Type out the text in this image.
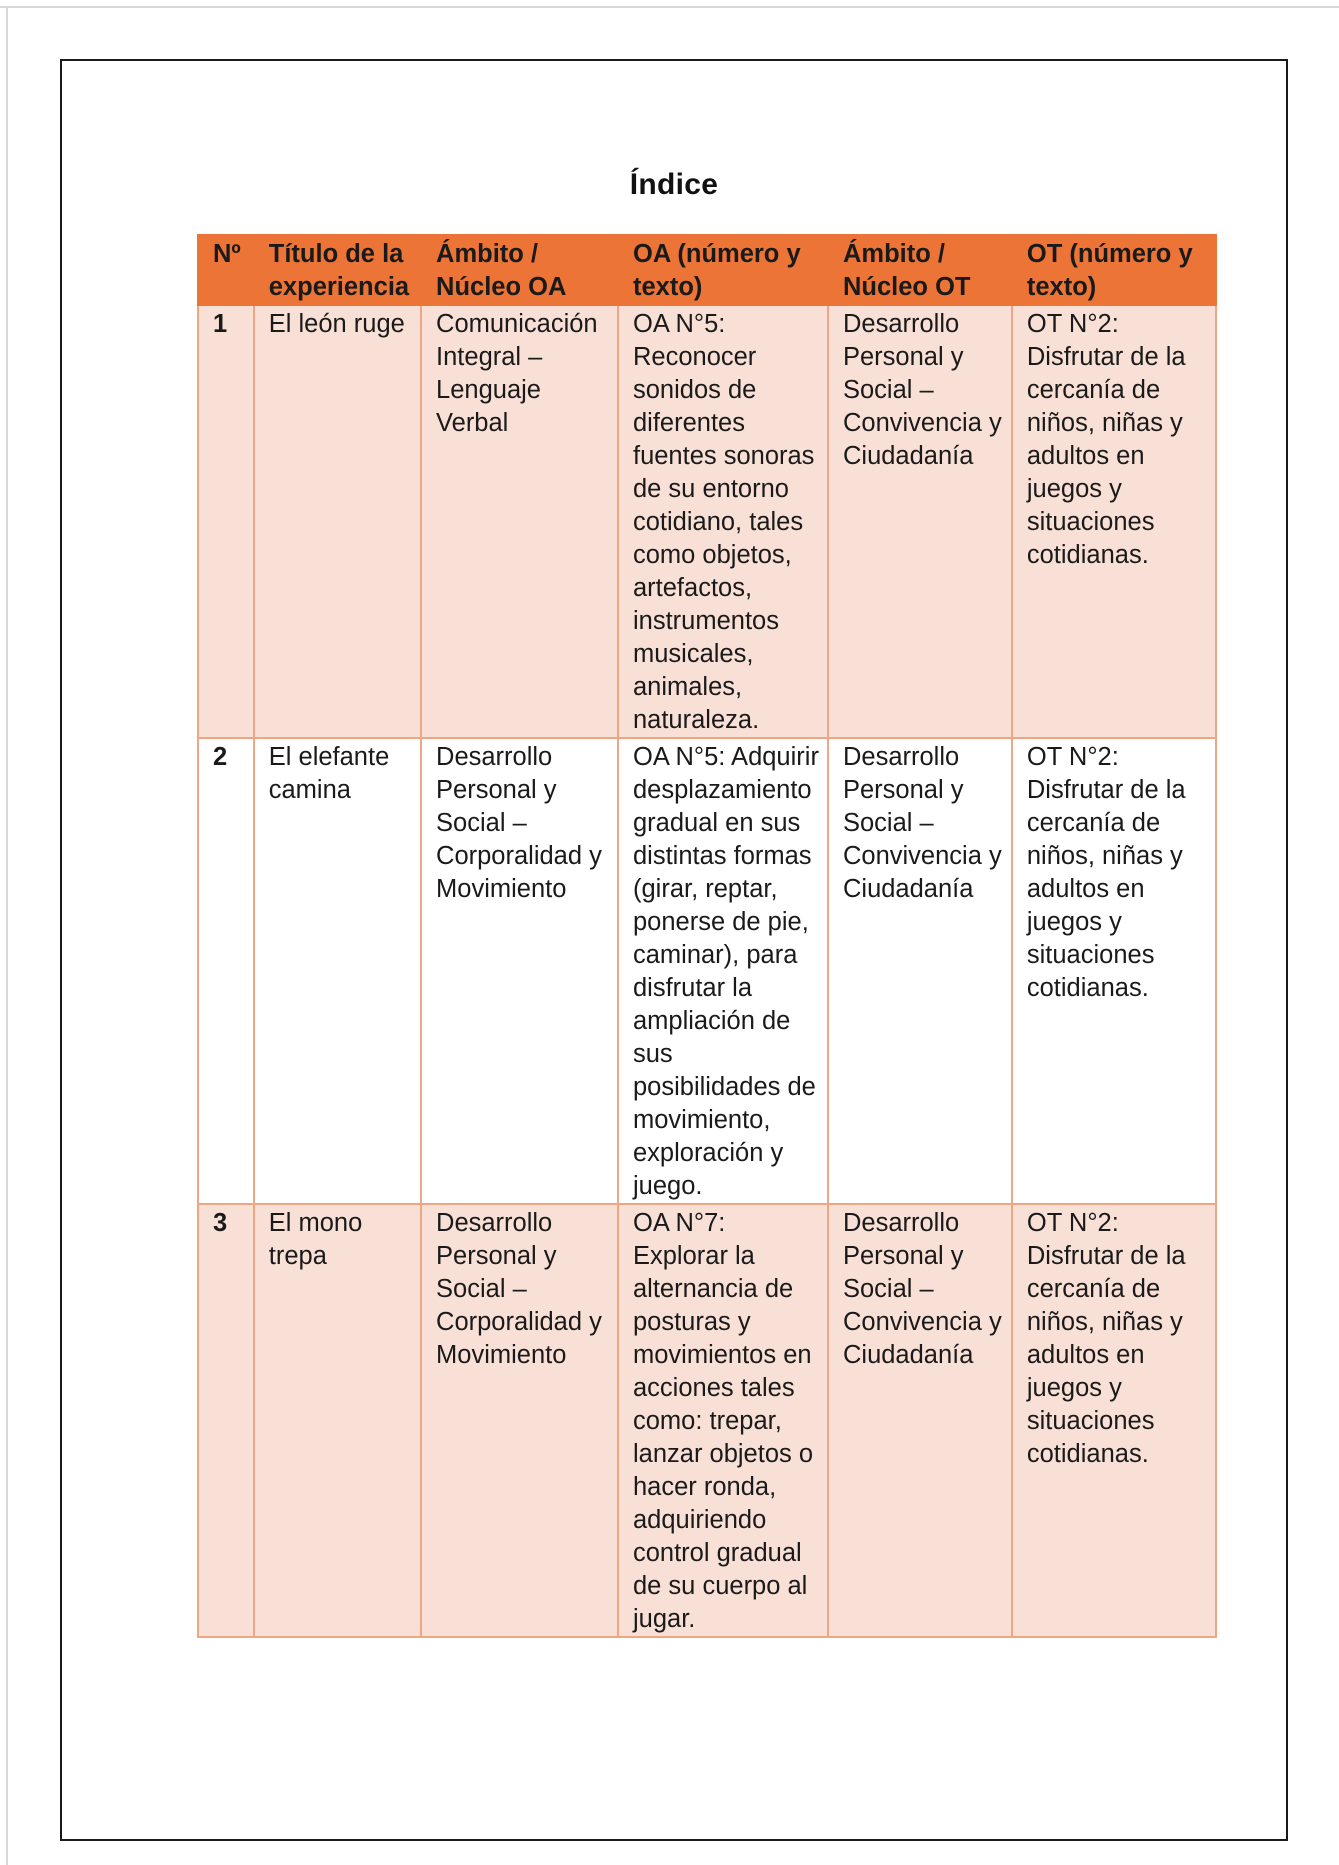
Índice
Nº	Título de la experiencia	Ámbito / Núcleo OA	OA (número y texto)	Ámbito / Núcleo OT	OT (número y texto)
1	El león ruge	Comunicación Integral – Lenguaje Verbal	OA N°5: Reconocer sonidos de diferentes fuentes sonoras de su entorno cotidiano, tales como objetos, artefactos, instrumentos musicales, animales, naturaleza.	Desarrollo Personal y Social – Convivencia y Ciudadanía	OT N°2: Disfrutar de la cercanía de niños, niñas y adultos en juegos y situaciones cotidianas.
2	El elefante camina	Desarrollo Personal y Social – Corporalidad y Movimiento	OA N°5: Adquirir desplazamiento gradual en sus distintas formas (girar, reptar, ponerse de pie, caminar), para disfrutar la ampliación de sus posibilidades de movimiento, exploración y juego.	Desarrollo Personal y Social – Convivencia y Ciudadanía	OT N°2: Disfrutar de la cercanía de niños, niñas y adultos en juegos y situaciones cotidianas.
3	El mono trepa	Desarrollo Personal y Social – Corporalidad y Movimiento	OA N°7: Explorar la alternancia de posturas y movimientos en acciones tales como: trepar, lanzar objetos o hacer ronda, adquiriendo control gradual de su cuerpo al jugar.	Desarrollo Personal y Social – Convivencia y Ciudadanía	OT N°2: Disfrutar de la cercanía de niños, niñas y adultos en juegos y situaciones cotidianas.
